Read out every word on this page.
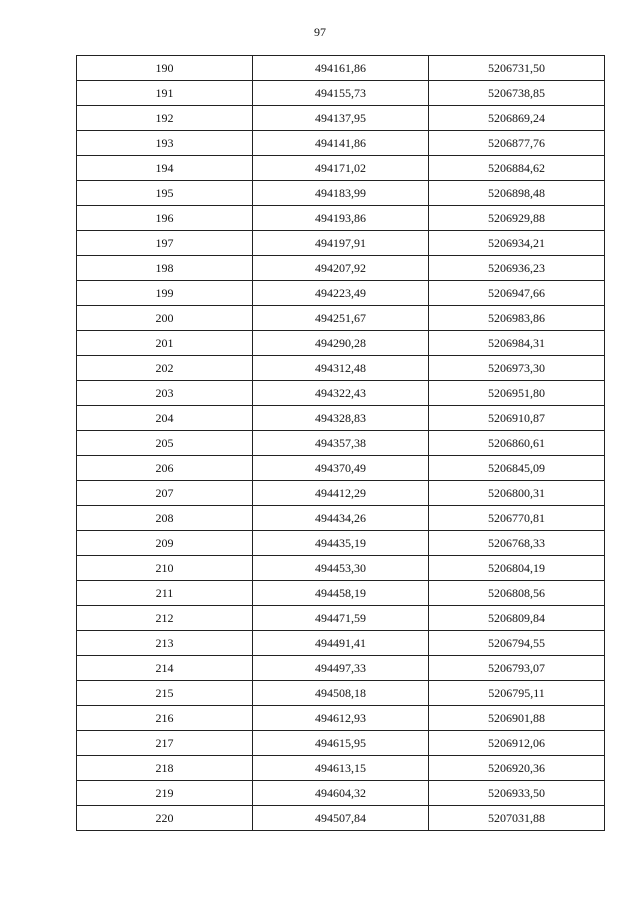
97
190	494161,86	5206731,50
191	494155,73	5206738,85
192	494137,95	5206869,24
193	494141,86	5206877,76
194	494171,02	5206884,62
195	494183,99	5206898,48
196	494193,86	5206929,88
197	494197,91	5206934,21
198	494207,92	5206936,23
199	494223,49	5206947,66
200	494251,67	5206983,86
201	494290,28	5206984,31
202	494312,48	5206973,30
203	494322,43	5206951,80
204	494328,83	5206910,87
205	494357,38	5206860,61
206	494370,49	5206845,09
207	494412,29	5206800,31
208	494434,26	5206770,81
209	494435,19	5206768,33
210	494453,30	5206804,19
211	494458,19	5206808,56
212	494471,59	5206809,84
213	494491,41	5206794,55
214	494497,33	5206793,07
215	494508,18	5206795,11
216	494612,93	5206901,88
217	494615,95	5206912,06
218	494613,15	5206920,36
219	494604,32	5206933,50
220	494507,84	5207031,88
